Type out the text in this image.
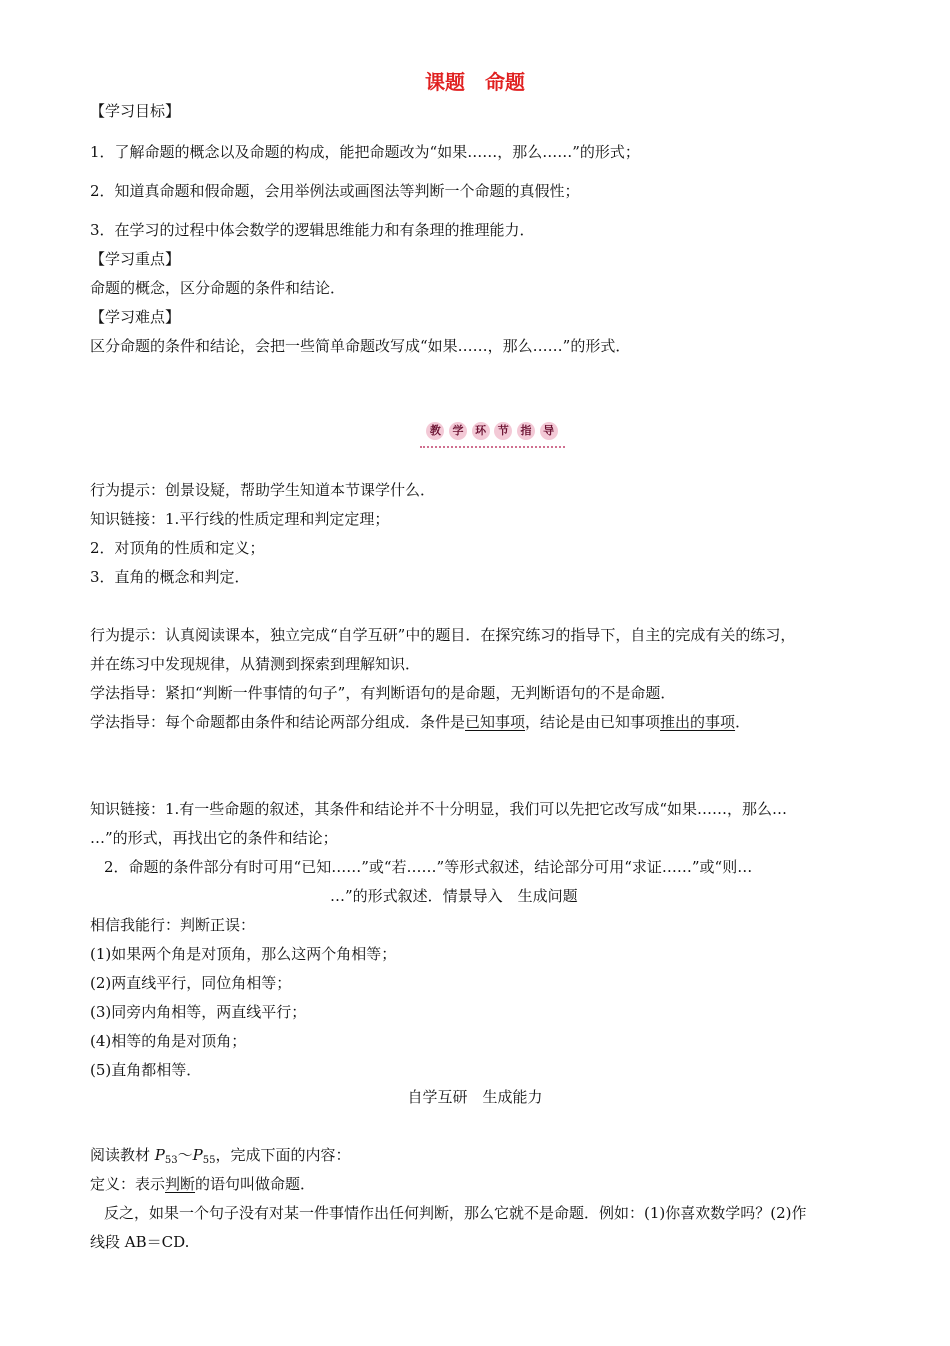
课题　命题
【学习目标】
1．了解命题的概念以及命题的构成，能把命题改为“如果……，那么……”的形式；
2．知道真命题和假命题，会用举例法或画图法等判断一个命题的真假性；
3．在学习的过程中体会数学的逻辑思维能力和有条理的推理能力．
【学习重点】
命题的概念，区分命题的条件和结论．
【学习难点】
区分命题的条件和结论，会把一些简单命题改写成“如果……，那么……”的形式．
教	学	环	节	指	导
行为提示：创景设疑，帮助学生知道本节课学什么．
知识链接：1.平行线的性质定理和判定定理；
2．对顶角的性质和定义；
3．直角的概念和判定．
行为提示：认真阅读课本，独立完成“自学互研”中的题目．在探究练习的指导下，自主的完成有关的练习，
并在练习中发现规律，从猜测到探索到理解知识．
学法指导：紧扣“判断一件事情的句子”，有判断语句的是命题，无判断语句的不是命题．
学法指导：每个命题都由条件和结论两部分组成．条件是已知事项，结论是由已知事项推出的事项．
知识链接：1.有一些命题的叙述，其条件和结论并不十分明显，我们可以先把它改写成“如果……，那么…
…”的形式，再找出它的条件和结论；
2．命题的条件部分有时可用“已知……”或“若……”等形式叙述，结论部分可用“求证……”或“则…
…”的形式叙述．情景导入　生成问题
相信我能行：判断正误：
(1)如果两个角是对顶角，那么这两个角相等；
(2)两直线平行，同位角相等；
(3)同旁内角相等，两直线平行；
(4)相等的角是对顶角；
(5)直角都相等．
自学互研　生成能力
阅读教材 $P_{53}\sim P_{55}$，完成下面的内容：
定义：表示判断的语句叫做命题．
反之，如果一个句子没有对某一件事情作出任何判断，那么它就不是命题．例如：(1)你喜欢数学吗？(2)作
线段 AB＝CD.
